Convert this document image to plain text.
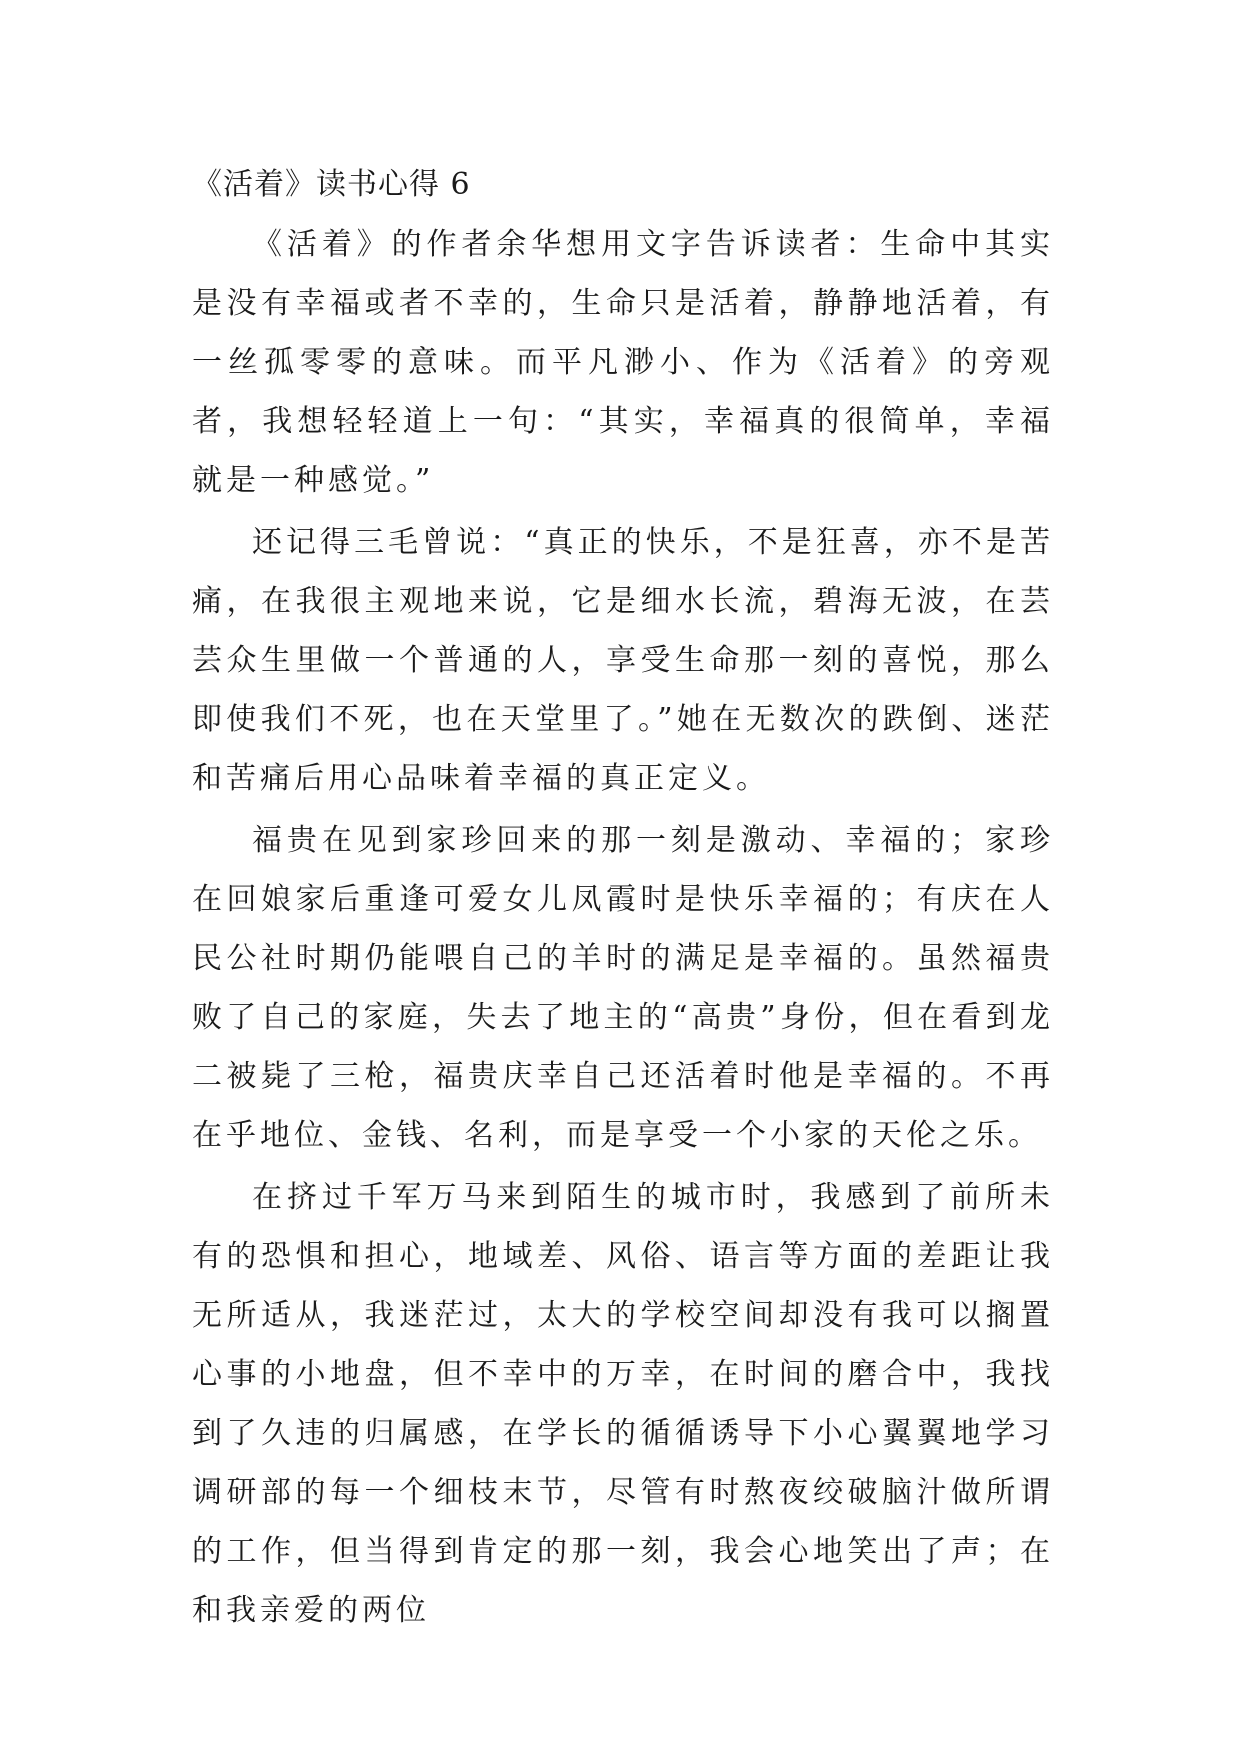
《活着》读书心得 6

《活着》的作者余华想用文字告诉读者：生命中其实是没有幸福或者不幸的，生命只是活着，静静地活着，有一丝孤零零的意味。而平凡渺小、作为《活着》的旁观者，我想轻轻道上一句：“其实，幸福真的很简单，幸福就是一种感觉。”

还记得三毛曾说：“真正的快乐，不是狂喜，亦不是苦痛，在我很主观地来说，它是细水长流，碧海无波，在芸芸众生里做一个普通的人，享受生命那一刻的喜悦，那么即使我们不死，也在天堂里了。”她在无数次的跌倒、迷茫和苦痛后用心品味着幸福的真正定义。

福贵在见到家珍回来的那一刻是激动、幸福的；家珍在回娘家后重逢可爱女儿凤霞时是快乐幸福的；有庆在人民公社时期仍能喂自己的羊时的满足是幸福的。虽然福贵败了自己的家庭，失去了地主的“高贵”身份，但在看到龙二被毙了三枪，福贵庆幸自己还活着时他是幸福的。不再在乎地位、金钱、名利，而是享受一个小家的天伦之乐。

在挤过千军万马来到陌生的城市时，我感到了前所未有的恐惧和担心，地域差、风俗、语言等方面的差距让我无所适从，我迷茫过，太大的学校空间却没有我可以搁置心事的小地盘，但不幸中的万幸，在时间的磨合中，我找到了久违的归属感，在学长的循循诱导下小心翼翼地学习调研部的每一个细枝末节，尽管有时熬夜绞破脑汁做所谓的工作，但当得到肯定的那一刻，我会心地笑出了声；在和我亲爱的两位
